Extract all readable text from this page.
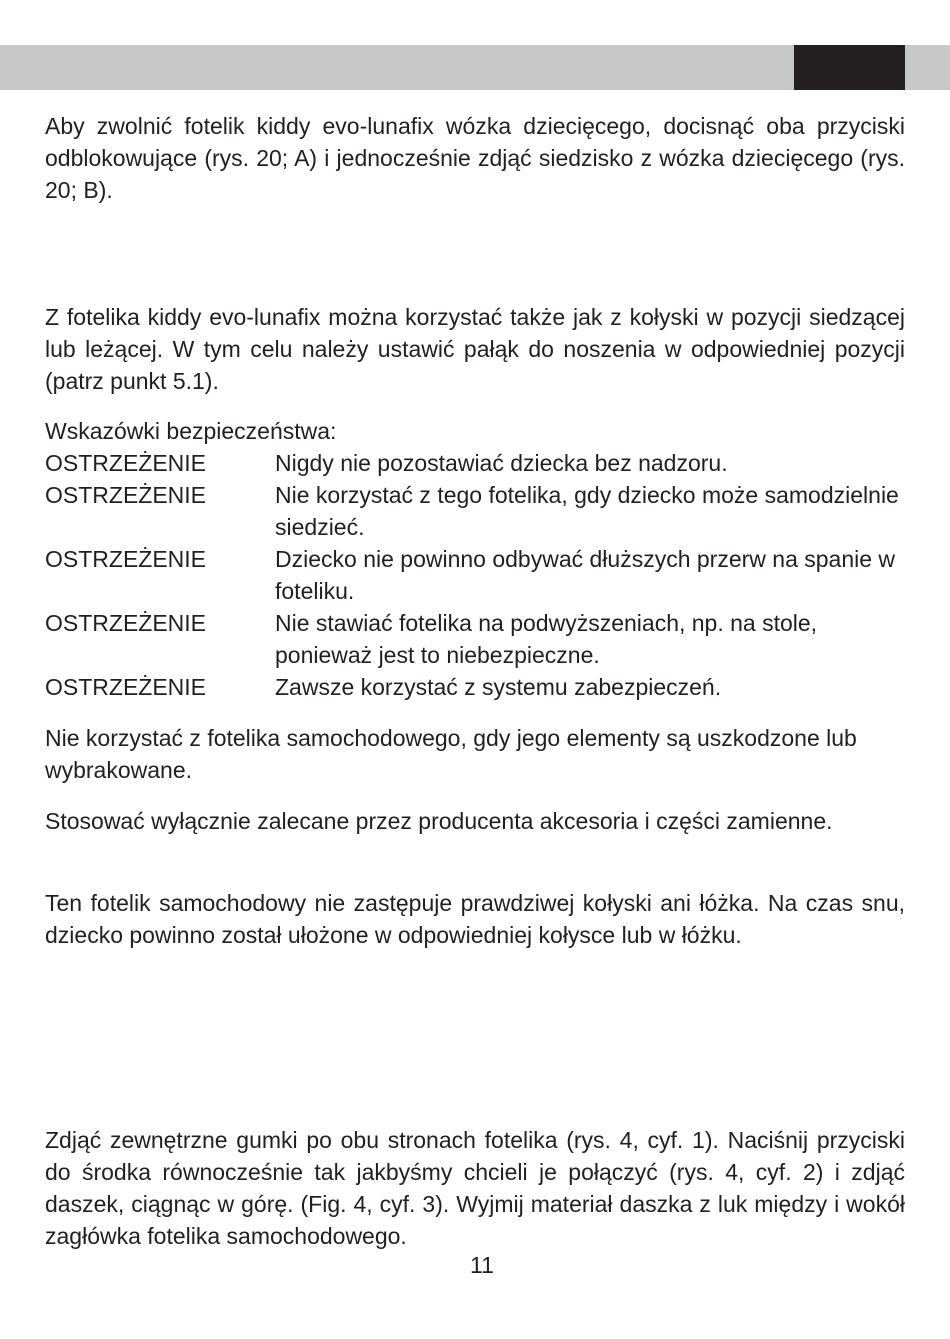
Aby zwolnić fotelik kiddy evo-lunafix wózka dziecięcego, docisnąć oba przyciski odblokowujące (rys. 20; A) i jednocześnie zdjąć siedzisko z wózka dziecięcego (rys. 20; B).

Z fotelika kiddy evo-lunafix można korzystać także jak z kołyski w pozycji siedzącej lub leżącej. W tym celu należy ustawić pałąk do noszenia w odpowiedniej pozycji (patrz punkt 5.1).

Wskazówki bezpieczeństwa:

OSTRZEŻENIE	Nigdy nie pozostawiać dziecka bez nadzoru.
OSTRZEŻENIE	Nie korzystać z tego fotelika, gdy dziecko może samodzielnie siedzieć.
OSTRZEŻENIE	Dziecko nie powinno odbywać dłuższych przerw na spanie w foteliku.
OSTRZEŻENIE	Nie stawiać fotelika na podwyższeniach, np. na stole, ponieważ jest to niebezpieczne.
OSTRZEŻENIE	Zawsze korzystać z systemu zabezpieczeń.

Nie korzystać z fotelika samochodowego, gdy jego elementy są uszkodzone lub wybrakowane.

Stosować wyłącznie zalecane przez producenta akcesoria i części zamienne.

Ten fotelik samochodowy nie zastępuje prawdziwej kołyski ani łóżka. Na czas snu, dziecko powinno został ułożone w odpowiedniej kołysce lub w łóżku.

Zdjąć zewnętrzne gumki po obu stronach fotelika (rys. 4, cyf. 1). Naciśnij przyciski do środka równocześnie tak jakbyśmy chcieli je połączyć (rys. 4, cyf. 2) i zdjąć daszek, ciągnąc w górę. (Fig. 4, cyf. 3). Wyjmij materiał daszka z luk między i wokół zagłówka fotelika samochodowego.

11
